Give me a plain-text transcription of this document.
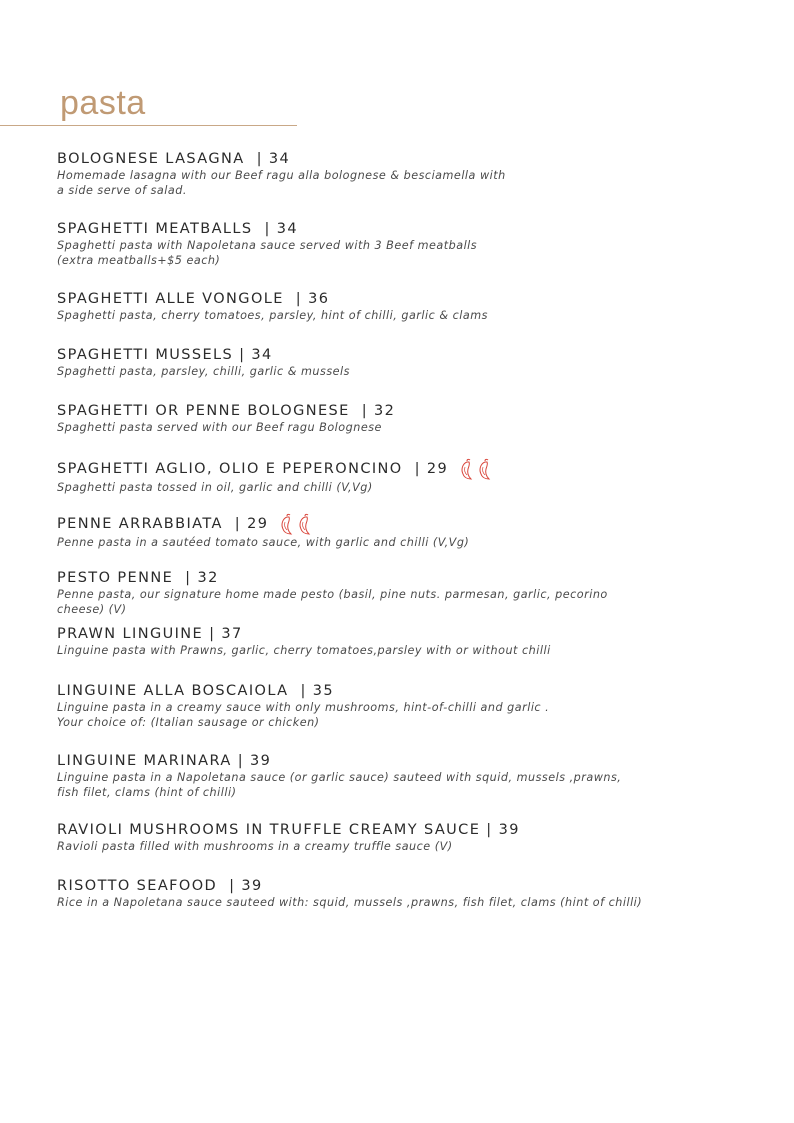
pasta
BOLOGNESE LASAGNA | 34
Homemade lasagna with our Beef ragu alla bolognese & besciamella with
a side serve of salad.
SPAGHETTI MEATBALLS | 34
Spaghetti pasta with Napoletana sauce served with 3 Beef meatballs
(extra meatballs+$5 each)
SPAGHETTI ALLE VONGOLE | 36
Spaghetti pasta, cherry tomatoes, parsley, hint of chilli, garlic & clams
SPAGHETTI MUSSELS | 34
Spaghetti pasta, parsley, chilli, garlic & mussels
SPAGHETTI OR PENNE BOLOGNESE | 32
Spaghetti pasta served with our Beef ragu Bolognese
SPAGHETTI AGLIO, OLIO E PEPERONCINO | 29
Spaghetti pasta tossed in oil, garlic and chilli (V,Vg)
PENNE ARRABBIATA | 29
Penne pasta in a sautéed tomato sauce, with garlic and chilli (V,Vg)
PESTO PENNE | 32
Penne pasta, our signature home made pesto (basil, pine nuts. parmesan, garlic, pecorino
cheese) (V)
PRAWN LINGUINE | 37
Linguine pasta with Prawns, garlic, cherry tomatoes,parsley with or without chilli
LINGUINE ALLA BOSCAIOLA | 35
Linguine pasta in a creamy sauce with only mushrooms, hint-of-chilli and garlic .
Your choice of: (Italian sausage or chicken)
LINGUINE MARINARA | 39
Linguine pasta in a Napoletana sauce (or garlic sauce) sauteed with squid, mussels ,prawns,
fish filet, clams (hint of chilli)
RAVIOLI MUSHROOMS IN TRUFFLE CREAMY SAUCE | 39
Ravioli pasta filled with mushrooms in a creamy truffle sauce (V)
RISOTTO SEAFOOD | 39
Rice in a Napoletana sauce sauteed with: squid, mussels ,prawns, fish filet, clams (hint of chilli)
